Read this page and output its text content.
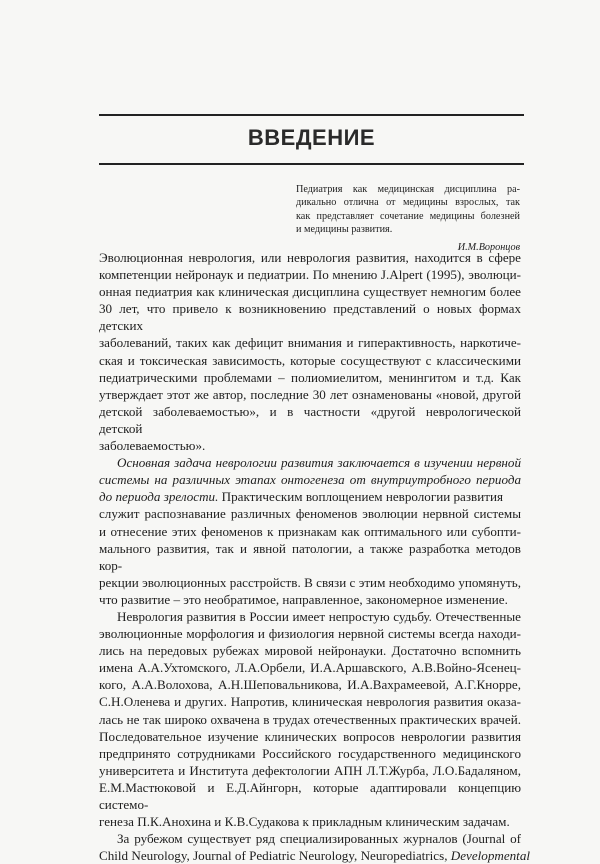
ВВЕДЕНИЕ
Педиатрия как медицинская дисциплина ра-
дикально отлична от медицины взрослых, так
как представляет сочетание медицины болезней
и медицины развития.
И.М.Воронцов
Эволюционная неврология, или неврология развития, находится в сфере
компетенции нейронаук и педиатрии. По мнению J.Alpert (1995), эволюци-
онная педиатрия как клиническая дисциплина существует немногим более
30 лет, что привело к возникновению представлений о новых формах детских
заболеваний, таких как дефицит внимания и гиперактивность, наркотиче-
ская и токсическая зависимость, которые сосуществуют с классическими
педиатрическими проблемами – полиомиелитом, менингитом и т.д. Как
утверждает этот же автор, последние 30 лет ознаменованы «новой, другой
детской заболеваемостью», и в частности «другой неврологической детской
заболеваемостью».
Основная задача неврологии развития заключается в изучении нервной
системы на различных этапах онтогенеза от внутриутробного периода
до периода зрелости. Практическим воплощением неврологии развития
служит распознавание различных феноменов эволюции нервной системы
и отнесение этих феноменов к признакам как оптимального или субопти-
мального развития, так и явной патологии, а также разработка методов кор-
рекции эволюционных расстройств. В связи с этим необходимо упомянуть,
что развитие – это необратимое, направленное, закономерное изменение.
Неврология развития в России имеет непростую судьбу. Отечественные
эволюционные морфология и физиология нервной системы всегда находи-
лись на передовых рубежах мировой нейронауки. Достаточно вспомнить
имена А.А.Ухтомского, Л.А.Орбели, И.А.Аршавского, А.В.Войно-Ясенец-
кого, А.А.Волохова, А.Н.Шеповальникова, И.А.Вахрамеевой, А.Г.Кнорре,
С.Н.Оленева и других. Напротив, клиническая неврология развития оказа-
лась не так широко охвачена в трудах отечественных практических врачей.
Последовательное изучение клинических вопросов неврологии развития
предпринято сотрудниками Российского государственного медицинского
университета и Института дефектологии АПН Л.Т.Журба, Л.О.Бадаляном,
Е.М.Мастюковой и Е.Д.Айнгорн, которые адаптировали концепцию системо-
генеза П.К.Анохина и К.В.Судакова к прикладным клиническим задачам.
За рубежом существует ряд специализированных журналов (Journal of
Child Neurology, Journal of Pediatric Neurology, Neuropediatrics, Developmental
